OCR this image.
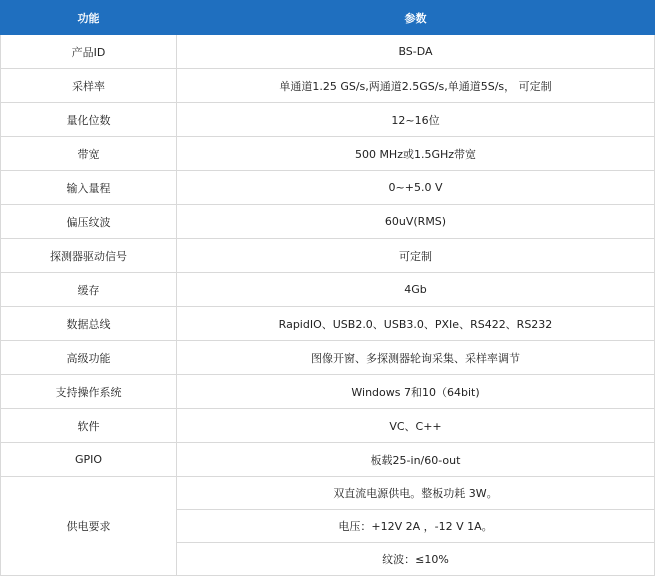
功能	参数
产品ID	BS-DA
采样率	单通道1.25 GS/s,两通道2.5GS/s,单通道5S/s， 可定制
量化位数	12~16位
带宽	500 MHz或1.5GHz带宽
输入量程	0~+5.0 V
偏压纹波	60uV(RMS)
探测器驱动信号	可定制
缓存	4Gb
数据总线	RapidIO、USB2.0、USB3.0、PXIe、RS422、RS232
高级功能	图像开窗、多探测器轮询采集、采样率调节
支持操作系统	Windows 7和10（64bit)
软件	VC、C++
GPIO	板载25-in/60-out
供电要求	双直流电源供电。整板功耗 3W。
	电压：+12V 2A ，-12 V 1A。
	纹波：≤10%
